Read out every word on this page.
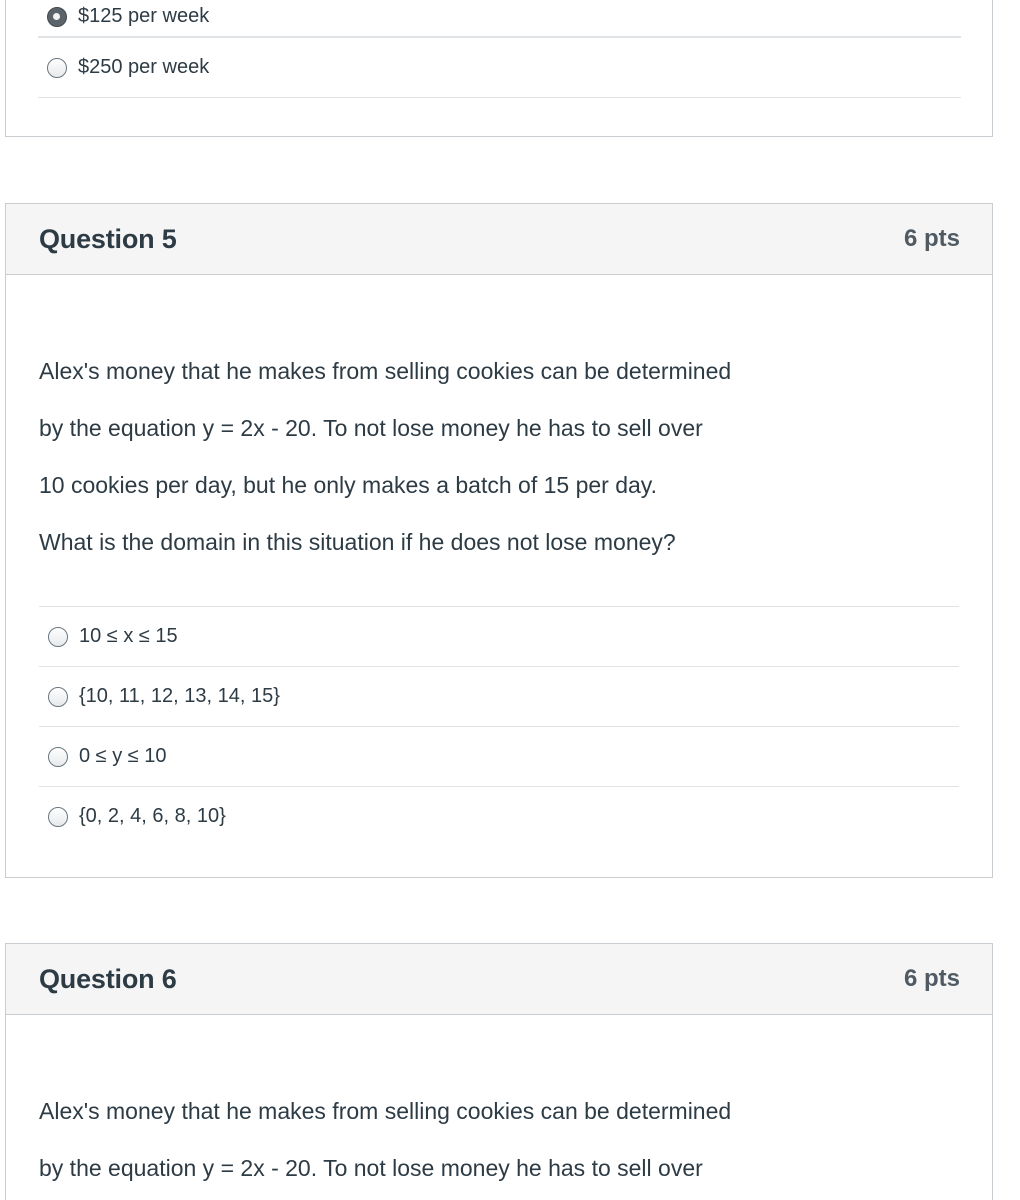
$125 per week
$250 per week
Question 5	6 pts
Alex's money that he makes from selling cookies can be determined
by the equation y = 2x - 20. To not lose money he has to sell over
10 cookies per day, but he only makes a batch of 15 per day.
What is the domain in this situation if he does not lose money?
10 ≤ x ≤ 15
{10, 11, 12, 13, 14, 15}
0 ≤ y ≤ 10
{0, 2, 4, 6, 8, 10}
Question 6	6 pts
Alex's money that he makes from selling cookies can be determined
by the equation y = 2x - 20. To not lose money he has to sell over
